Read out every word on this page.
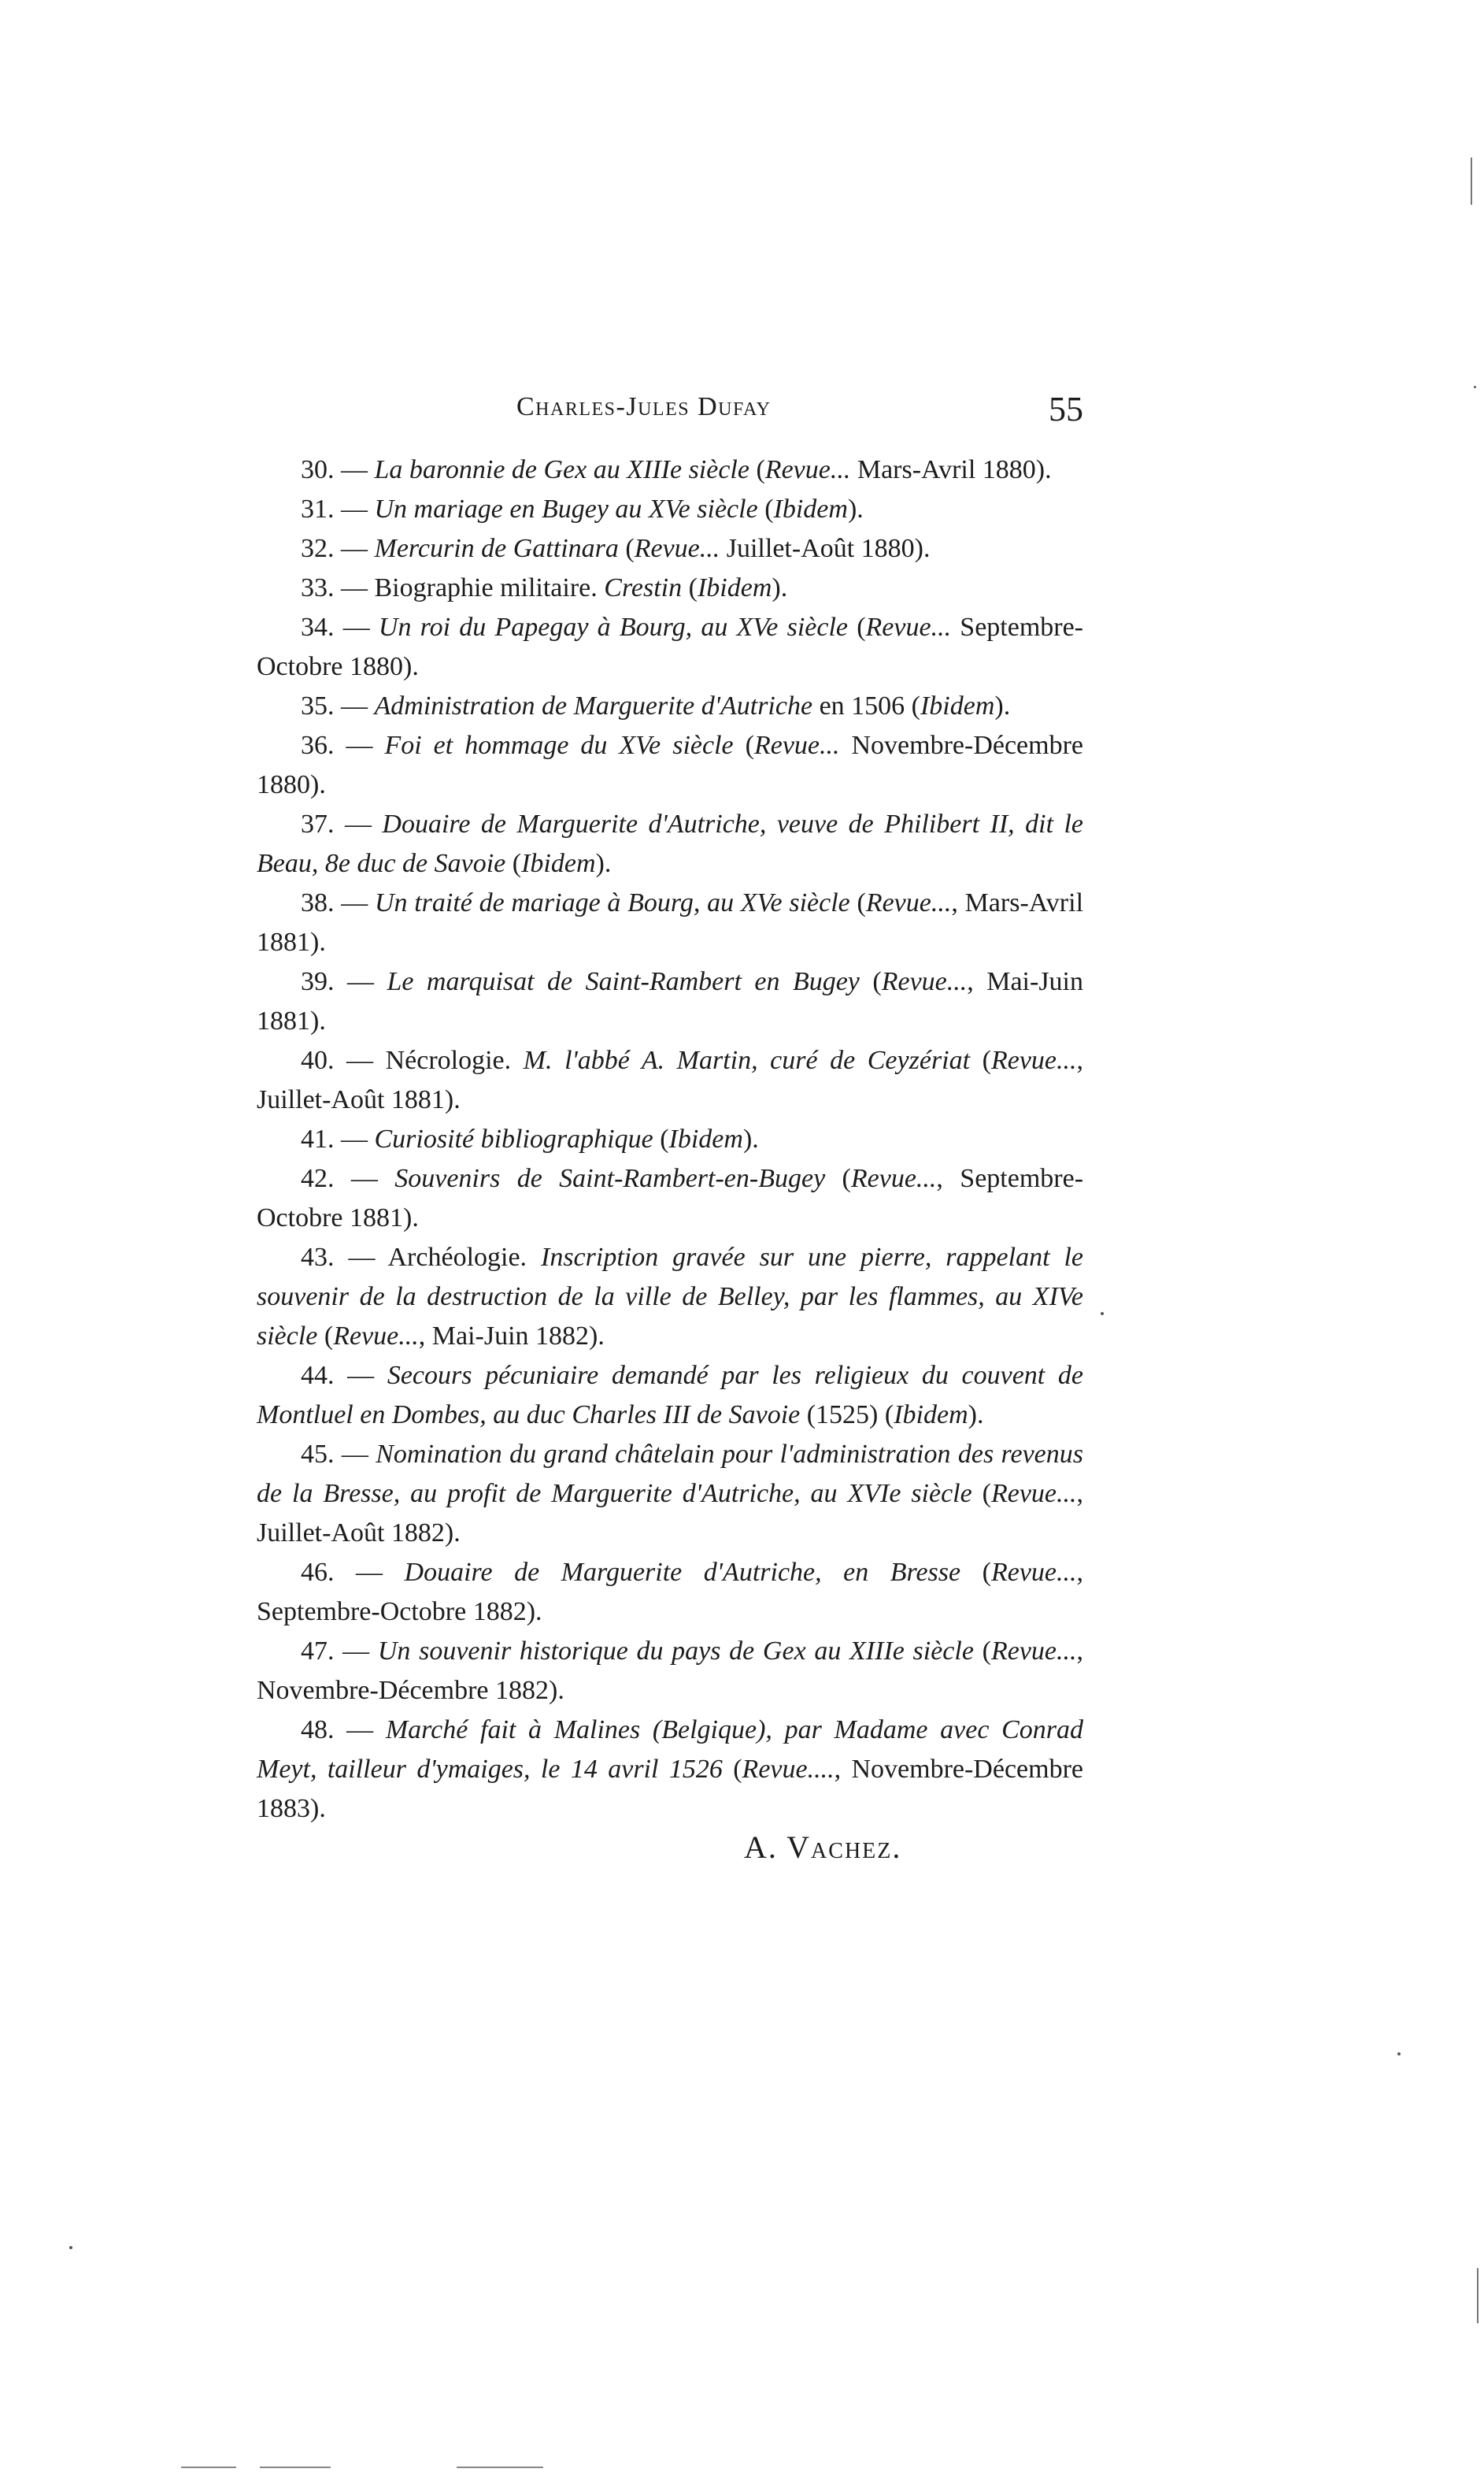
Charles-Jules Dufay	55

30. — La baronnie de Gex au XIIIe siècle (Revue... Mars-Avril 1880).

31. — Un mariage en Bugey au XVe siècle (Ibidem).

32. — Mercurin de Gattinara (Revue... Juillet-Août 1880).

33. — Biographie militaire. Crestin (Ibidem).

34. — Un roi du Papegay à Bourg, au XVe siècle (Revue... Septembre-Octobre 1880).

35. — Administration de Marguerite d'Autriche en 1506 (Ibidem).

36. — Foi et hommage du XVe siècle (Revue... Novembre-Décembre 1880).

37. — Douaire de Marguerite d'Autriche, veuve de Philibert II, dit le Beau, 8e duc de Savoie (Ibidem).

38. — Un traité de mariage à Bourg, au XVe siècle (Revue..., Mars-Avril 1881).

39. — Le marquisat de Saint-Rambert en Bugey (Revue..., Mai-Juin 1881).

40. — Nécrologie. M. l'abbé A. Martin, curé de Ceyzériat (Revue..., Juillet-Août 1881).

41. — Curiosité bibliographique (Ibidem).

42. — Souvenirs de Saint-Rambert-en-Bugey (Revue..., Septembre-Octobre 1881).

43. — Archéologie. Inscription gravée sur une pierre, rappelant le souvenir de la destruction de la ville de Belley, par les flammes, au XIVe siècle (Revue..., Mai-Juin 1882).

44. — Secours pécuniaire demandé par les religieux du couvent de Montluel en Dombes, au duc Charles III de Savoie (1525) (Ibidem).

45. — Nomination du grand châtelain pour l'administration des revenus de la Bresse, au profit de Marguerite d'Autriche, au XVIe siècle (Revue..., Juillet-Août 1882).

46. — Douaire de Marguerite d'Autriche, en Bresse (Revue..., Septembre-Octobre 1882).

47. — Un souvenir historique du pays de Gex au XIIIe siècle (Revue..., Novembre-Décembre 1882).

48. — Marché fait à Malines (Belgique), par Madame avec Conrad Meyt, tailleur d'ymaiges, le 14 avril 1526 (Revue...., Novembre-Décembre 1883).

A. Vachez.
